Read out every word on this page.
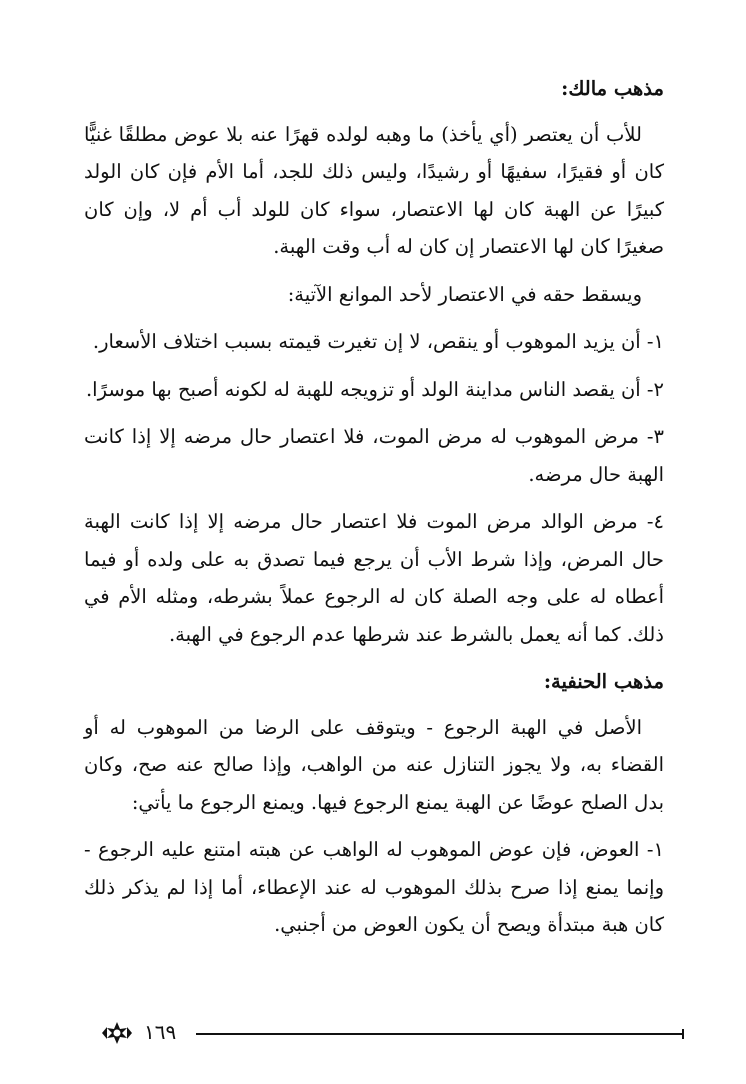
مذهب مالك:
للأب أن يعتصر (أي يأخذ) ما وهبه لولده قهرًا عنه بلا عوض مطلقًا غنيًّا كان أو فقيرًا، سفيهًا أو رشيدًا، وليس ذلك للجد، أما الأم فإن كان الولد كبيرًا عن الهبة كان لها الاعتصار، سواء كان للولد أب أم لا، وإن كان صغيرًا كان لها الاعتصار إن كان له أب وقت الهبة.
ويسقط حقه في الاعتصار لأحد الموانع الآتية:
١- أن يزيد الموهوب أو ينقص، لا إن تغيرت قيمته بسبب اختلاف الأسعار.
٢- أن يقصد الناس مداينة الولد أو تزويجه للهبة له لكونه أصبح بها موسرًا.
٣- مرض الموهوب له مرض الموت، فلا اعتصار حال مرضه إلا إذا كانت الهبة حال مرضه.
٤- مرض الوالد مرض الموت فلا اعتصار حال مرضه إلا إذا كانت الهبة حال المرض، وإذا شرط الأب أن يرجع فيما تصدق به على ولده أو فيما أعطاه له على وجه الصلة كان له الرجوع عملاً بشرطه، ومثله الأم في ذلك. كما أنه يعمل بالشرط عند شرطها عدم الرجوع في الهبة.
مذهب الحنفية:
الأصل في الهبة الرجوع - ويتوقف على الرضا من الموهوب له أو القضاء به، ولا يجوز التنازل عنه من الواهب، وإذا صالح عنه صح، وكان بدل الصلح عوضًا عن الهبة يمنع الرجوع فيها. ويمنع الرجوع ما يأتي:
١- العوض، فإن عوض الموهوب له الواهب عن هبته امتنع عليه الرجوع - وإنما يمنع إذا صرح بذلك الموهوب له عند الإعطاء، أما إذا لم يذكر ذلك كان هبة مبتدأة ويصح أن يكون العوض من أجنبي.
١٦٩
